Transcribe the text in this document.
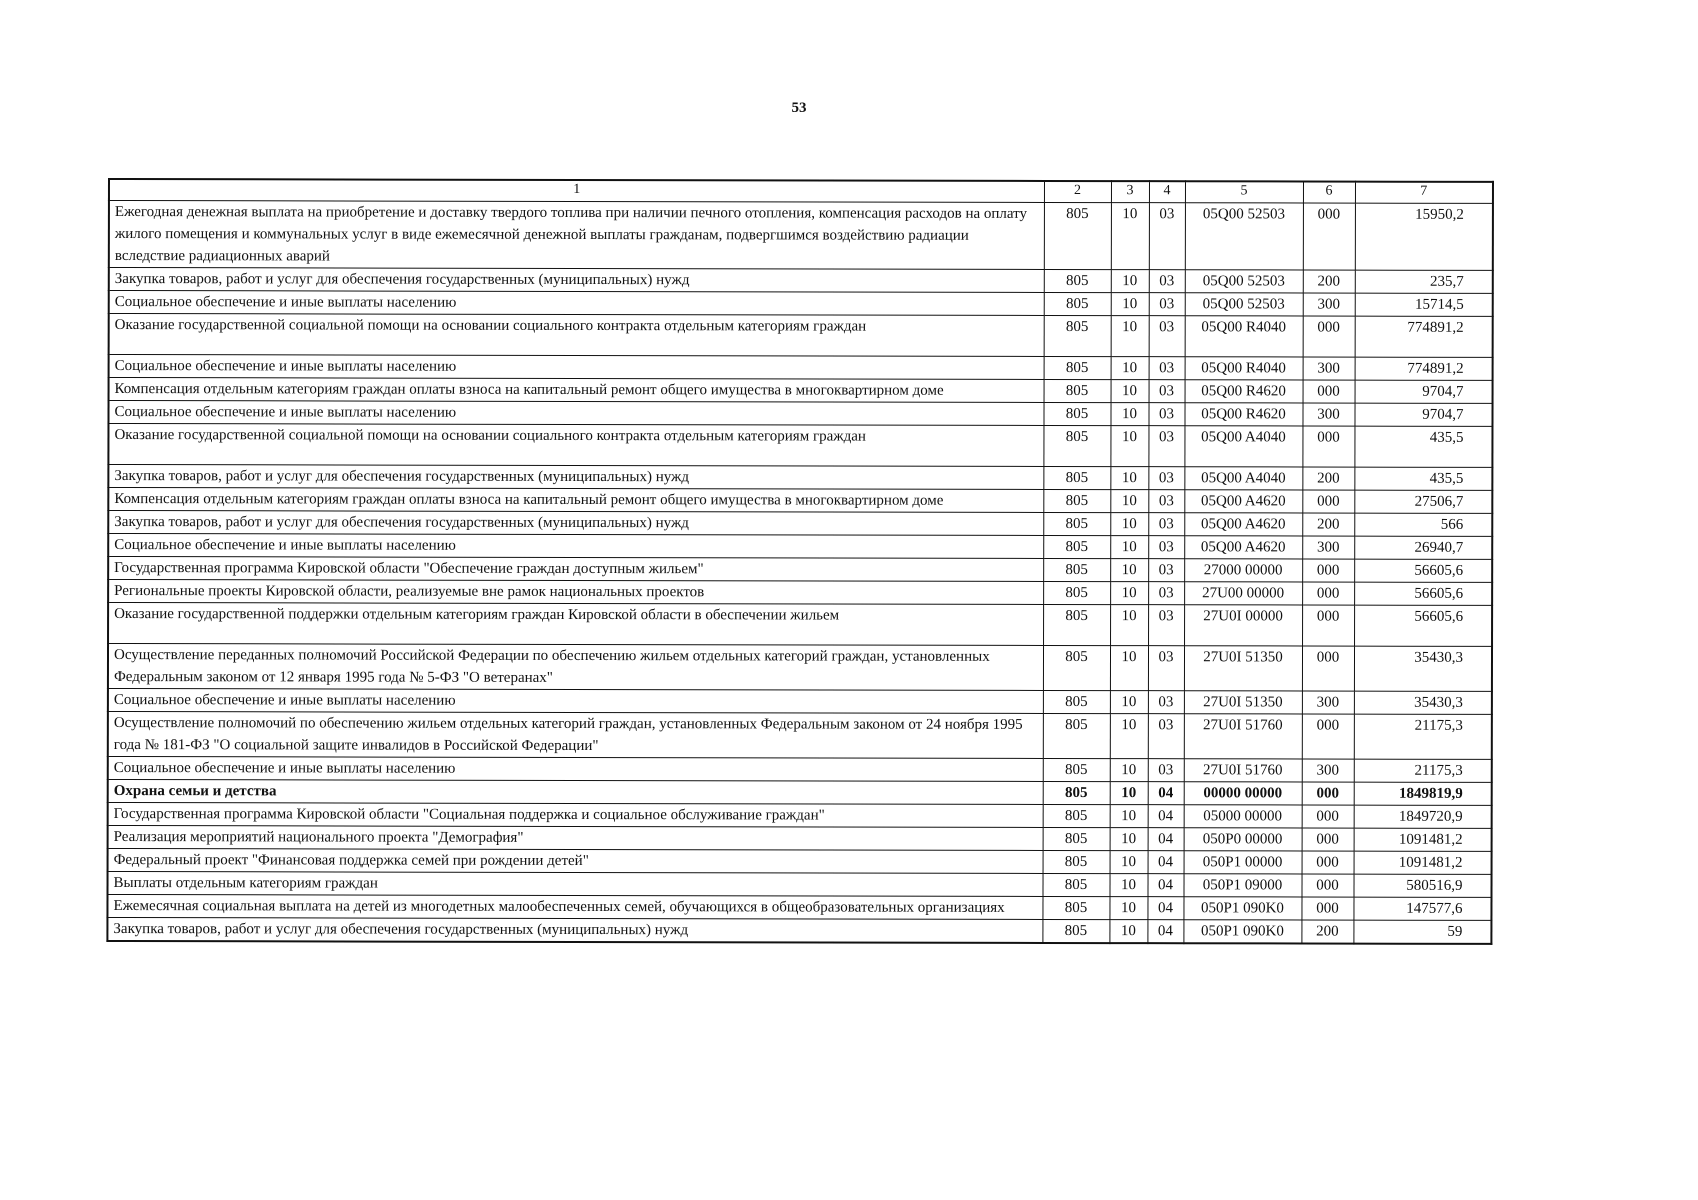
53
1	2	3	4	5	6	7
Ежегодная денежная выплата на приобретение и доставку твердого топлива при наличии печного отопления, компенсация расходов на оплату жилого помещения и коммунальных услуг в виде ежемесячной денежной выплаты гражданам, подвергшимся воздействию радиации вследствие радиационных аварий	805	10	03	05Q00 52503	000	15950,2
Закупка товаров, работ и услуг для обеспечения государственных (муниципальных) нужд	805	10	03	05Q00 52503	200	235,7
Социальное обеспечение и иные выплаты населению	805	10	03	05Q00 52503	300	15714,5
Оказание государственной социальной помощи на основании социального контракта отдельным категориям граждан	805	10	03	05Q00 R4040	000	774891,2
Социальное обеспечение и иные выплаты населению	805	10	03	05Q00 R4040	300	774891,2
Компенсация отдельным категориям граждан оплаты взноса на капитальный ремонт общего имущества в многоквартирном доме	805	10	03	05Q00 R4620	000	9704,7
Социальное обеспечение и иные выплаты населению	805	10	03	05Q00 R4620	300	9704,7
Оказание государственной социальной помощи на основании социального контракта отдельным категориям граждан	805	10	03	05Q00 A4040	000	435,5
Закупка товаров, работ и услуг для обеспечения государственных (муниципальных) нужд	805	10	03	05Q00 A4040	200	435,5
Компенсация отдельным категориям граждан оплаты взноса на капитальный ремонт общего имущества в многоквартирном доме	805	10	03	05Q00 A4620	000	27506,7
Закупка товаров, работ и услуг для обеспечения государственных (муниципальных) нужд	805	10	03	05Q00 A4620	200	566
Социальное обеспечение и иные выплаты населению	805	10	03	05Q00 A4620	300	26940,7
Государственная программа Кировской области "Обеспечение граждан доступным жильем"	805	10	03	27000 00000	000	56605,6
Региональные проекты Кировской области, реализуемые вне рамок национальных проектов	805	10	03	27U00 00000	000	56605,6
Оказание государственной поддержки отдельным категориям граждан Кировской области в обеспечении жильем	805	10	03	27U0I 00000	000	56605,6
Осуществление переданных полномочий Российской Федерации по обеспечению жильем отдельных категорий граждан, установленных Федеральным законом от 12 января 1995 года № 5-ФЗ "О ветеранах"	805	10	03	27U0I 51350	000	35430,3
Социальное обеспечение и иные выплаты населению	805	10	03	27U0I 51350	300	35430,3
Осуществление полномочий по обеспечению жильем отдельных категорий граждан, установленных Федеральным законом от 24 ноября 1995 года № 181-ФЗ "О социальной защите инвалидов в Российской Федерации"	805	10	03	27U0I 51760	000	21175,3
Социальное обеспечение и иные выплаты населению	805	10	03	27U0I 51760	300	21175,3
Охрана семьи и детства	805	10	04	00000 00000	000	1849819,9
Государственная программа Кировской области "Социальная поддержка и социальное обслуживание граждан"	805	10	04	05000 00000	000	1849720,9
Реализация мероприятий национального проекта "Демография"	805	10	04	050P0 00000	000	1091481,2
Федеральный проект "Финансовая поддержка семей при рождении детей"	805	10	04	050P1 00000	000	1091481,2
Выплаты отдельным категориям граждан	805	10	04	050P1 09000	000	580516,9
Ежемесячная социальная выплата на детей из многодетных малообеспеченных семей, обучающихся в общеобразовательных организациях	805	10	04	050P1 090K0	000	147577,6
Закупка товаров, работ и услуг для обеспечения государственных (муниципальных) нужд	805	10	04	050P1 090K0	200	59
